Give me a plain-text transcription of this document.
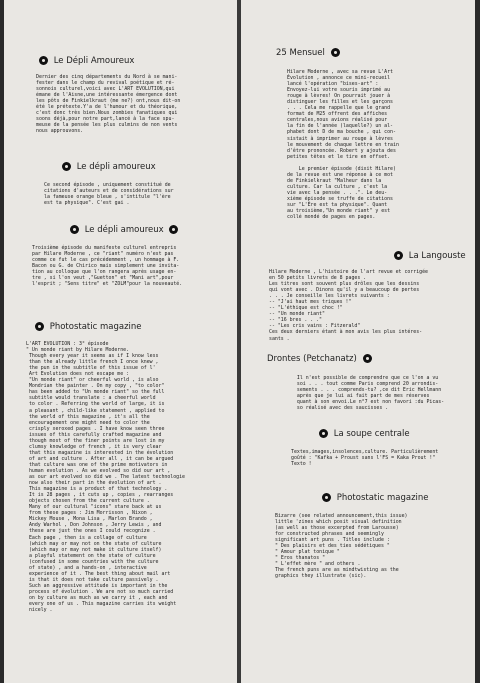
Le Dépli Amoureux
Dernier des cinq départements du Nord à se mani-
fester dans le champ du revival poétique et ré-
sonnois culturel,voici avec L'ART EVOLUTION,qui
émane de l'Aisne,une intéressante émergence dont
les pôts de Finkielkraut (me ne?) ont,nous dit-on
été le prétexte.Y'a de l'humour et du théorique,
c'est donc très bien.Nous zombies fanatiques qui
soons déjà,pour notre part,lancé à la face spu-
meuse de la pensée les plus culmins de non vents
nous approuvons.
Le dépli amoureux
Ce second épisode , uniquement constitué de
citations d'auteurs et de considérations sur
la fameuse orange bleue , s'intitule "l'ère
est ta physique". C'est gai .
Le dépli amoureux
Troisième épisode du manifeste culturel entrepris
par Hilare Moderne , ce "riant" numéro n'est pas
comme ce fut le cas précédemment , un hommage à F.
Bacon ou G. de Chirico mais simplement une invita-
tion au colloque que l'on rangera après usage en-
tre , si l'on veut ,"Guetton" et "Mani art",pour
l'esprit ; "Sens titre" et "ZOLM"pour la nouveauté.
Photostatic magazine
L'ART EVOLUTION : 3° épisode
" Un monde riant by Hilare Moderne.
Though every year it seems as if I know less
than the already little french I once knew ,
the pun in the subtitle of this issue of l'
Art Evolution does not escape me :
"Un monde riant" or cheerful world , is also
Mondrian the painter . On my copy , "to color"
has been added to "Un monde riant" so the full
subtitle would translate : a cheerful world
to color . Referring the world of large, it is
a pleasant , child-like statement , applied to
the world of this magazine , it's all the
encouragement one might need to color the
crisply xeroxed pages . I have know seen three
issues of this carefully crafted magazine and
though most of the finer points are lost in my
clumsy knowledge of french , it is very clear
that this magazine is interested in the évolution
of art and culture . After all , it can be argued
that culture was one of the prime motivators in
human evolution . As we evolved so did our art ,
as our art evolved so did we . The latest technologie
now also their part in the évolution of art .
This magazine is a product of that technology .
It is 28 pages , it cuts up , copies , rearranges
objects chosen from the current culture .
Many of our cultural "icons" stare back at us
from these pages : Jim Morrisson , Nixon ,
Mickey Mouse , Mona Lisa , Marlon Brando ,
Andy Warhol , Don Johnson , Jerry Lewis , and
these are just the ones I could recognize .
Each page , then is a collage of culture
(which may or may not on the state of culture
(which may or may not make it culture itself)
a playful statement on the state of culture
(confused in some countries with the culture
of state) , and a hands-on , interactive
experience of it . The best thing about mail art
is that it does not take culture passively .
Such an aggressive attitude is important in the
process of évolution . We are not so much carried
on by culture as much as we carry it , each and
every one of us . This magazine carries its weight
nicely .
25 Mensuel
Hilare Moderne , avec sa revue L'Art
Évolution , annonce ce mini-recueil
lancé l'opération "bises-art" :
Envoyez-lui votre souris imprimé au
rouge à lèvres! On pourrait jouer à
distinguer les filles et les garçons
. . . Cela me rappelle que le grand
format de M25 offrent des affiches
centrales,nous avions réalisé pour
la fin de l'année (laquelle?) un al-
phabet dont D de ma bouche , qui con-
sistait à imprimer au rouge à lèvres
le mouvement de chaque lettre en train
d'être prononcée. Robert y ajouta des
petites têtes et le tire en offset.

Le premier épisode (dixit Hilare)
de la revue est une réponse à ce mot
de Finkielkraut "Malheur dans la
culture. Car la culture , c'est la
vie avec la pensée . . .". Le deu-
xième épisode se truffe de citations
sur "L'Ère est ta physique". Quant
au troisième,"Un monde riant" y est
collé mondé de pages en pages.
La Langouste
Hilare Moderne , L'histoire de l'art revue et corrigée
en 50 petits livrets de 8 pages .
Les titres sont souvent plus drôles que les dessins
qui vont avec . Dinons qu'il y a beaucoup de pertes
. . . Je conseille les livrets suivants :
-- "J'ai haut mes triques !"
-- "L'éthique est choc !"
-- "Un monde riant"
-- "16 bres . . ."
-- "Les cris vains : Fitzerald"
Ces deux derniers étant à mon avis les plus intéres-
sants .
Drontes (Petchanatz)
Il n'est possible de comprendre que ce l'on a vu
soi . . . tout comme Paris comprend 20 arrondis-
sements . . . comprends-tu? ,ce dit Eric Hellmann
après que je lui ai fait part de mes réserves
quant à son envoi.Le n°7 est non favori :du Picas-
so réalisé avec des saucisses .
La soupe centrale
Textes,images,insolences,culture. Particulièrement
goûté : "Kafka + Proust sans l'FS = Kaka Prout !"
Texto !
Photostatic magazine
Bizarre (see related announcement,this issue)
little 'zines which posit visual definition
(as well as those excerpted from Larousse)
for constructed phrases and seemingly
significant art puns . Titles include :
" Des plaisirs et des ties sédétiques "
" Amour plat tonique "
" Eros thanatos "
" L'effet mère " and others .
The french puns are as mindtwisting as the
graphics they illustrate (sic).
